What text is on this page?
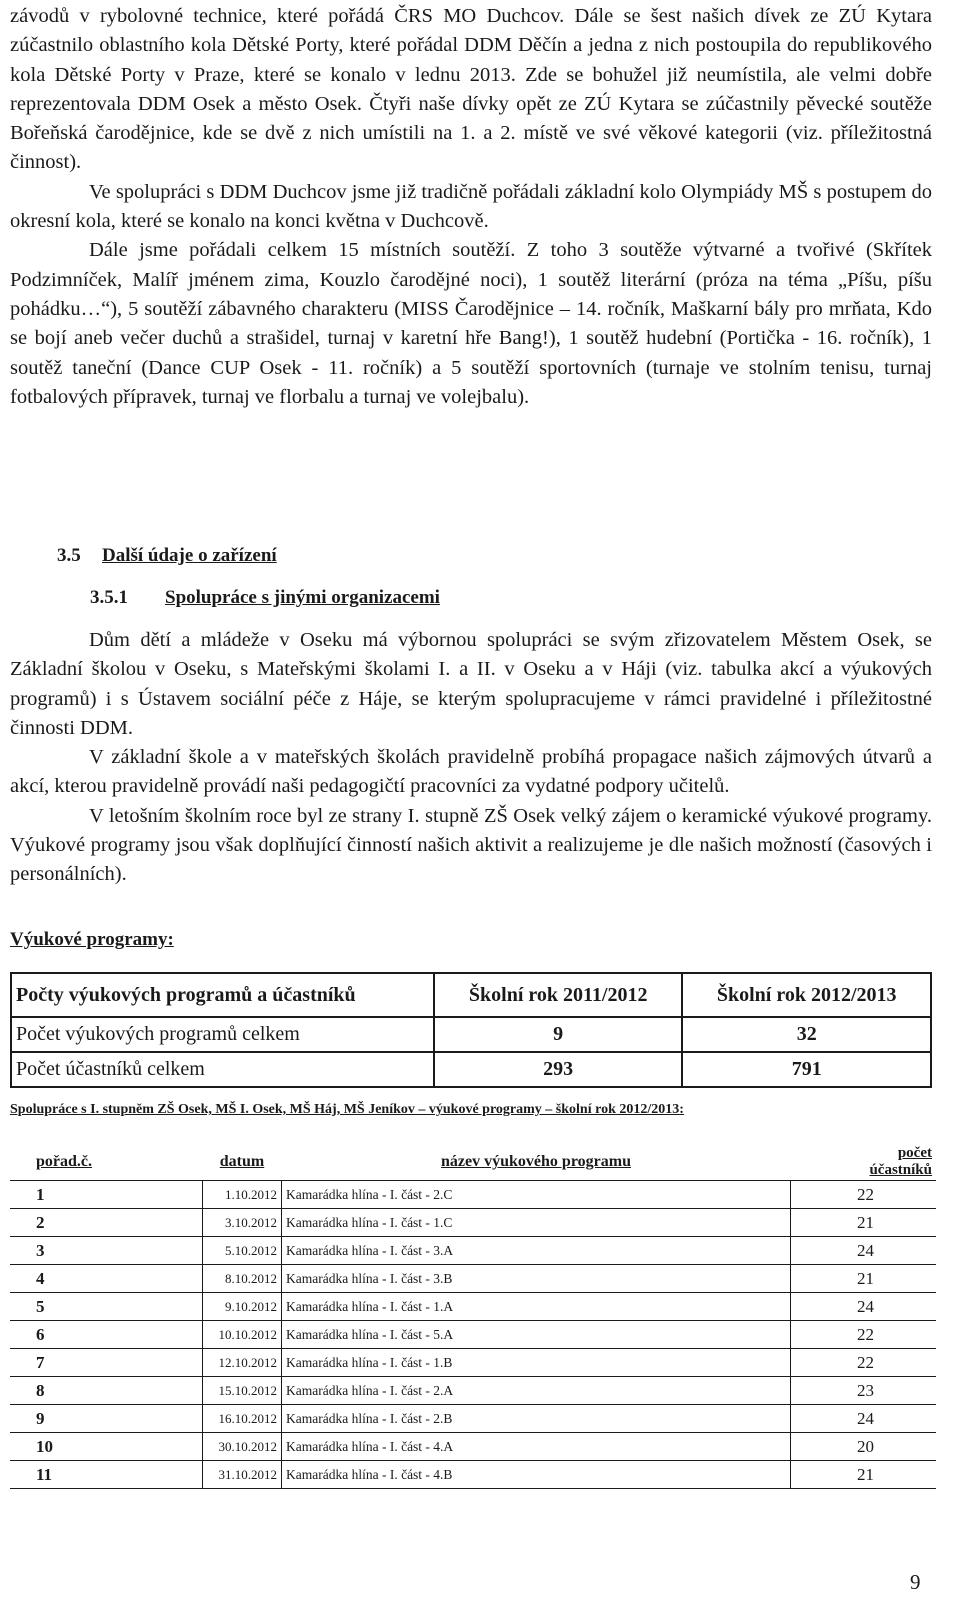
závodů v rybolovné technice, které pořádá ČRS MO Duchcov. Dále se šest našich dívek ze ZÚ Kytara zúčastnilo oblastního kola Dětské Porty, které pořádal DDM Děčín a jedna z nich postoupila do republikového kola Dětské Porty v Praze, které se konalo v lednu 2013. Zde se bohužel již neumístila, ale velmi dobře reprezentovala DDM Osek a město Osek. Čtyři naše dívky opět ze ZÚ Kytara se zúčastnily pěvecké soutěže Bořeňská čarodějnice, kde se dvě z nich umístili na 1. a 2. místě ve své věkové kategorii (viz. příležitostná činnost).

Ve spolupráci s DDM Duchcov jsme již tradičně pořádali základní kolo Olympiády MŠ s postupem do okresní kola, které se konalo na konci května v Duchcově.

Dále jsme pořádali celkem 15 místních soutěží. Z toho 3 soutěže výtvarné a tvořivé (Skřítek Podzimníček, Malíř jménem zima, Kouzlo čarodějné noci), 1 soutěž literární (próza na téma „Píšu, píšu pohádku…“), 5 soutěží zábavného charakteru (MISS Čarodějnice – 14. ročník, Maškarní bály pro mrňata, Kdo se bojí aneb večer duchů a strašidel, turnaj v karetní hře Bang!), 1 soutěž hudební (Portička - 16. ročník), 1 soutěž taneční (Dance CUP Osek - 11. ročník) a 5 soutěží sportovních (turnaje ve stolním tenisu, turnaj fotbalových přípravek, turnaj ve florbalu a turnaj ve volejbalu).

3.5 Další údaje o zařízení
3.5.1 Spolupráce s jinými organizacemi

Dům dětí a mládeže v Oseku má výbornou spolupráci se svým zřizovatelem Městem Osek, se Základní školou v Oseku, s Mateřskými školami I. a II. v Oseku a v Háji (viz. tabulka akcí a výukových programů) i s Ústavem sociální péče z Háje, se kterým spolupracujeme v rámci pravidelné i příležitostné činnosti DDM.

V základní škole a v mateřských školách pravidelně probíhá propagace našich zájmových útvarů a akcí, kterou pravidelně provádí naši pedagogičtí pracovníci za vydatné podpory učitelů.

V letošním školním roce byl ze strany I. stupně ZŠ Osek velký zájem o keramické výukové programy. Výukové programy jsou však doplňující činností našich aktivit a realizujeme je dle našich možností (časových i personálních).

Výukové programy:
Počty výukových programů a účastníků	Školní rok 2011/2012	Školní rok 2012/2013
Počet výukových programů celkem	9	32
Počet účastníků celkem	293	791
Spolupráce s I. stupněm ZŠ Osek, MŠ I. Osek, MŠ Háj, MŠ Jeníkov – výukové programy – školní rok 2012/2013:
pořad.č.	datum	název výukového programu	počet účastníků
1	1.10.2012	Kamarádka hlína - I. část - 2.C	22
2	3.10.2012	Kamarádka hlína - I. část - 1.C	21
3	5.10.2012	Kamarádka hlína - I. část - 3.A	24
4	8.10.2012	Kamarádka hlína - I. část - 3.B	21
5	9.10.2012	Kamarádka hlína - I. část - 1.A	24
6	10.10.2012	Kamarádka hlína - I. část - 5.A	22
7	12.10.2012	Kamarádka hlína - I. část - 1.B	22
8	15.10.2012	Kamarádka hlína - I. část - 2.A	23
9	16.10.2012	Kamarádka hlína - I. část - 2.B	24
10	30.10.2012	Kamarádka hlína - I. část - 4.A	20
11	31.10.2012	Kamarádka hlína - I. část - 4.B	21
9
